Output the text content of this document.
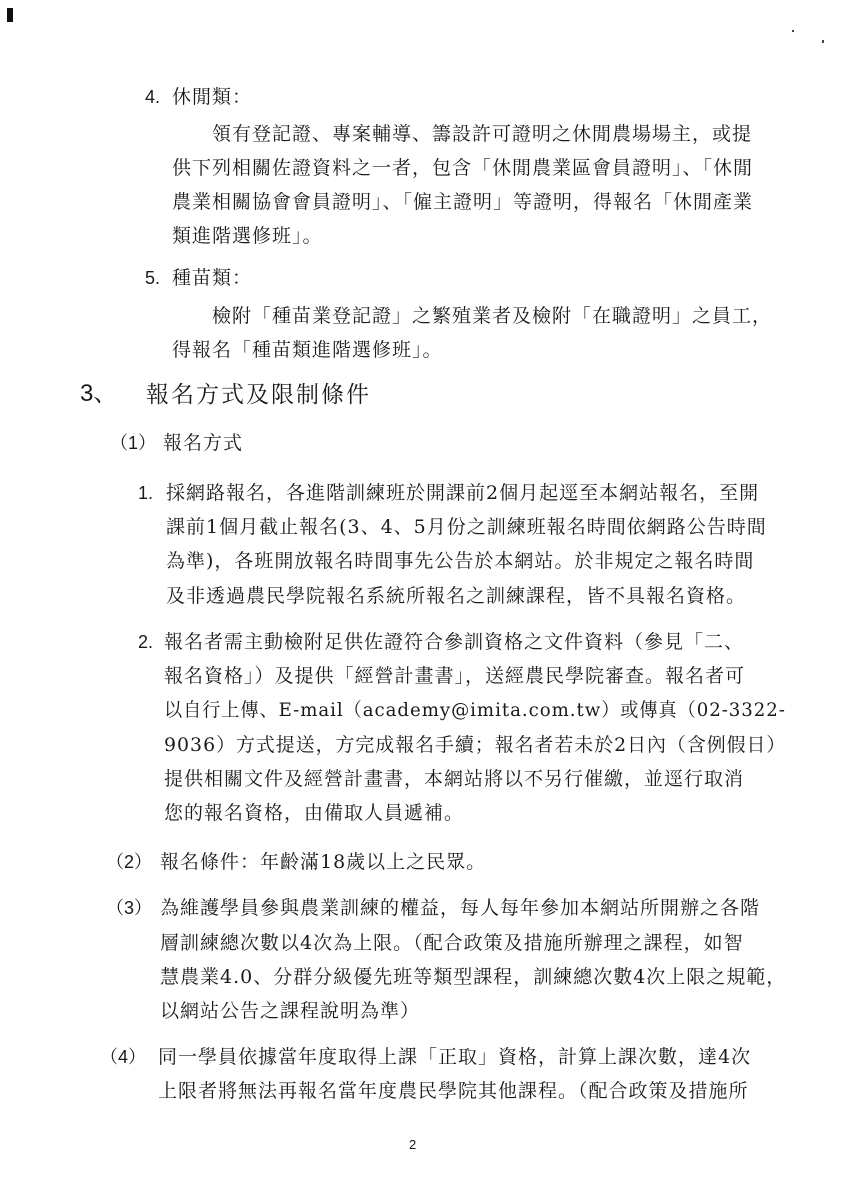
4. 休閒類：
領有登記證、專案輔導、籌設許可證明之休閒農場場主，或提
供下列相關佐證資料之一者，包含「休閒農業區會員證明」、「休閒
農業相關協會會員證明」、「僱主證明」等證明，得報名「休閒產業
類進階選修班」。
5. 種苗類：
檢附「種苗業登記證」之繁殖業者及檢附「在職證明」之員工，
得報名「種苗類進階選修班」。
3、 報名方式及限制條件
（1） 報名方式
1. 採網路報名，各進階訓練班於開課前2個月起逕至本網站報名，至開
課前1個月截止報名(3、4、5月份之訓練班報名時間依網路公告時間
為準)，各班開放報名時間事先公告於本網站。於非規定之報名時間
及非透過農民學院報名系統所報名之訓練課程，皆不具報名資格。
2. 報名者需主動檢附足供佐證符合參訓資格之文件資料（參見「二、
報名資格」）及提供「經營計畫書」，送經農民學院審查。報名者可
以自行上傳、E-mail（academy@imita.com.tw）或傳真（02-3322-
9036）方式提送，方完成報名手續；報名者若未於2日內（含例假日）
提供相關文件及經營計畫書，本網站將以不另行催繳，並逕行取消
您的報名資格，由備取人員遞補。
（2） 報名條件：年齡滿18歲以上之民眾。
（3） 為維護學員參與農業訓練的權益，每人每年參加本網站所開辦之各階
層訓練總次數以4次為上限。（配合政策及措施所辦理之課程，如智
慧農業4.0、分群分級優先班等類型課程，訓練總次數4次上限之規範，
以網站公告之課程說明為準）
（4） 同一學員依據當年度取得上課「正取」資格，計算上課次數，達4次
上限者將無法再報名當年度農民學院其他課程。（配合政策及措施所
2
